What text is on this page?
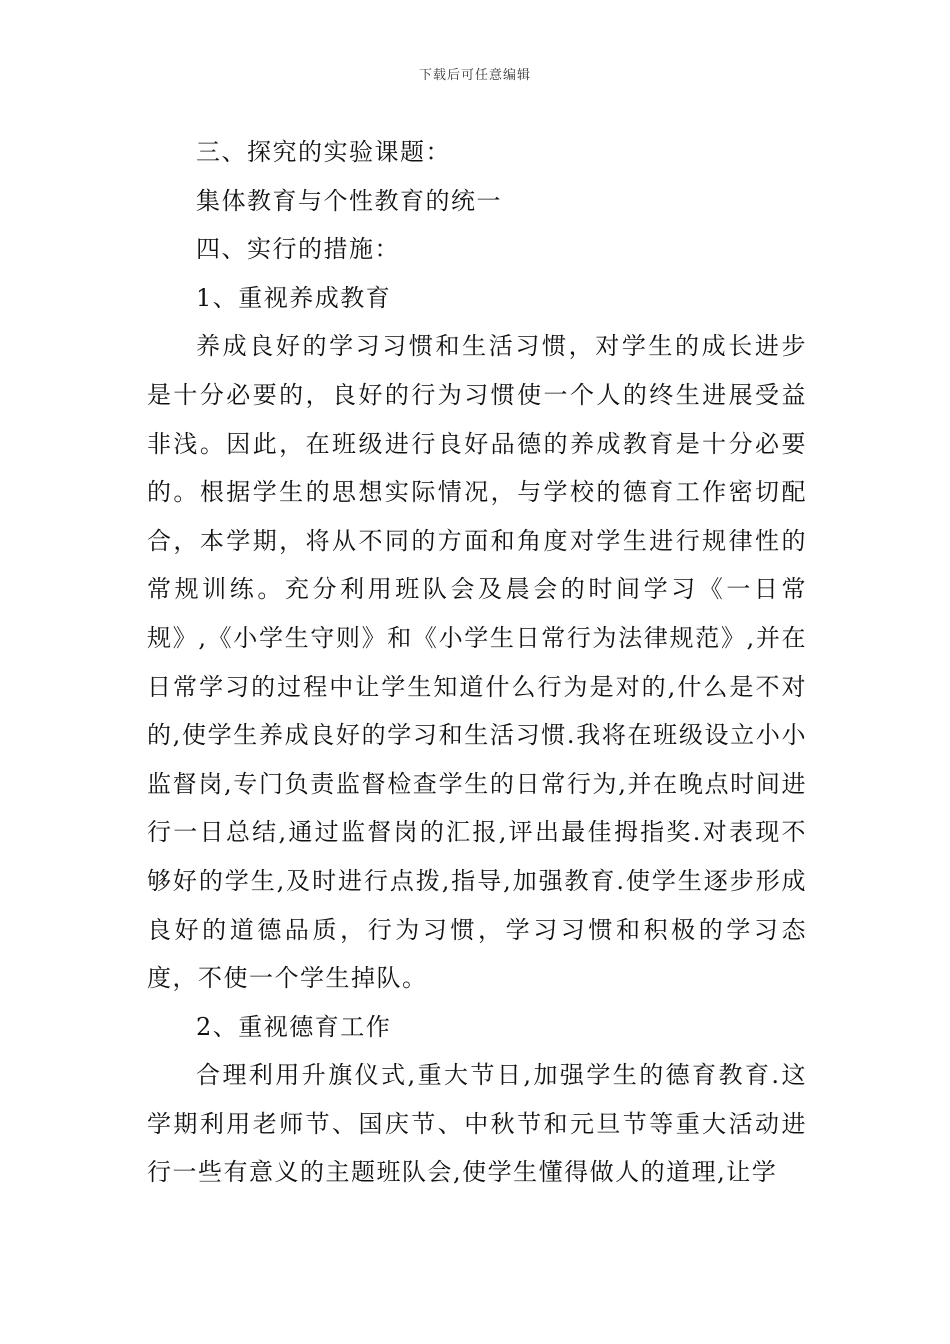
下载后可任意编辑

三、探究的实验课题：

集体教育与个性教育的统一

四、实行的措施：

1、重视养成教育

养成良好的学习习惯和生活习惯，对学生的成长进步是十分必要的，良好的行为习惯使一个人的终生进展受益非浅。因此，在班级进行良好品德的养成教育是十分必要的。根据学生的思想实际情况，与学校的德育工作密切配合，本学期，将从不同的方面和角度对学生进行规律性的常规训练。充分利用班队会及晨会的时间学习《一日常规》,《小学生守则》和《小学生日常行为法律规范》,并在日常学习的过程中让学生知道什么行为是对的,什么是不对的,使学生养成良好的学习和生活习惯.我将在班级设立小小监督岗,专门负责监督检查学生的日常行为,并在晚点时间进行一日总结,通过监督岗的汇报,评出最佳拇指奖.对表现不够好的学生,及时进行点拨,指导,加强教育.使学生逐步形成良好的道德品质，行为习惯，学习习惯和积极的学习态度，不使一个学生掉队。

2、重视德育工作

合理利用升旗仪式,重大节日,加强学生的德育教育.这学期利用老师节、国庆节、中秋节和元旦节等重大活动进行一些有意义的主题班队会,使学生懂得做人的道理,让学
